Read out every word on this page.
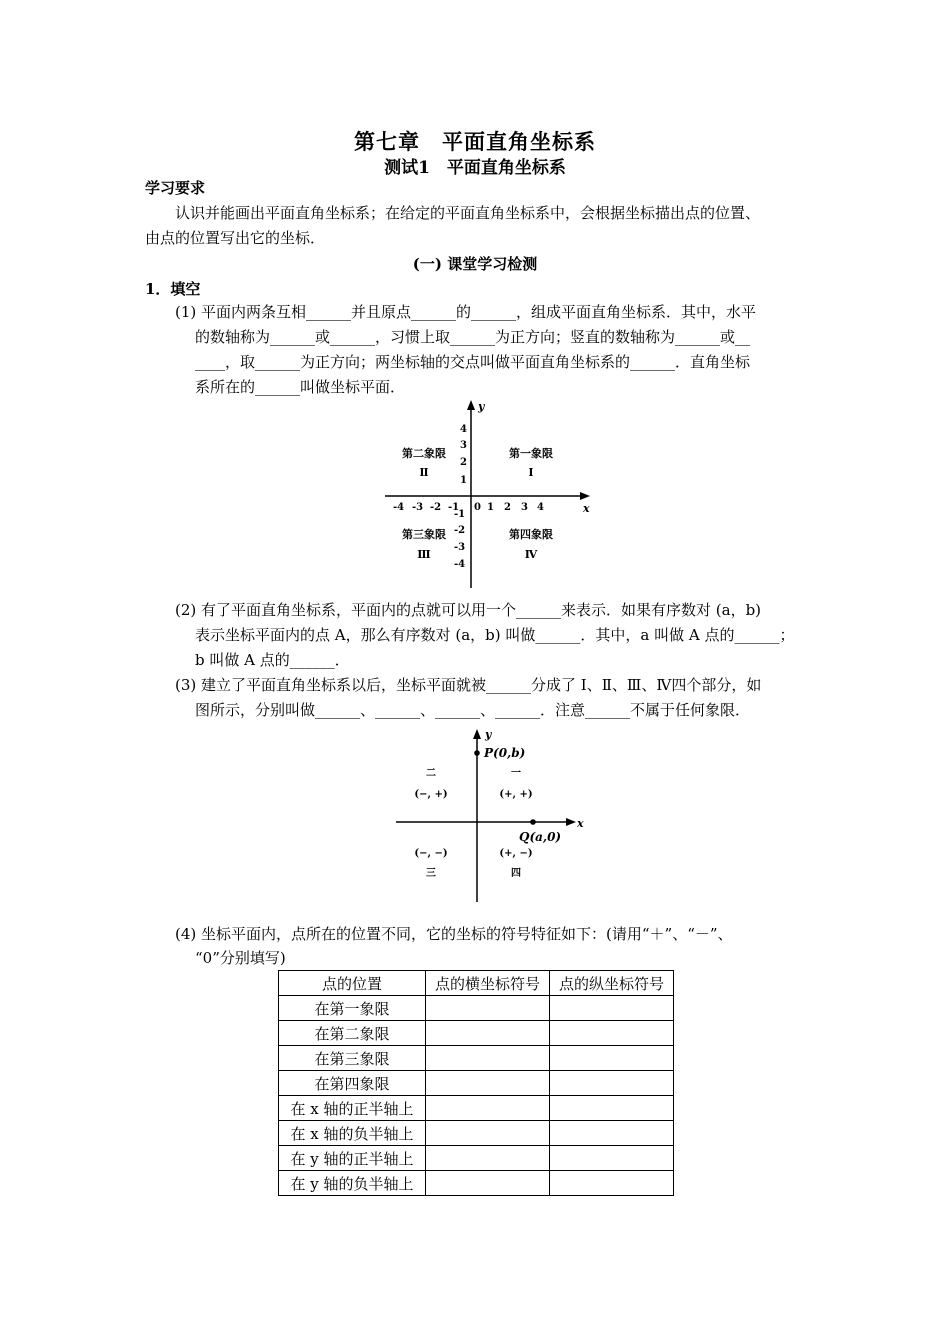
第七章　平面直角坐标系
测试1　平面直角坐标系
学习要求
认识并能画出平面直角坐标系；在给定的平面直角坐标系中，会根据坐标描出点的位置、
由点的位置写出它的坐标．
(一) 课堂学习检测
1．填空
(1) 平面内两条互相______并且原点______的______，组成平面直角坐标系．其中，水平
的数轴称为______或______，习惯上取______为正方向；竖直的数轴称为______或__
____，取______为正方向；两坐标轴的交点叫做平面直角坐标系的______．直角坐标
系所在的______叫做坐标平面．
x
y
-4 -3 -2 -1 0 1 2 3 4
4
3
2
1
-1
-2
-3
-4
第二象限
Ⅱ
第一象限
Ⅰ
第三象限
Ⅲ
第四象限
Ⅳ
(2) 有了平面直角坐标系，平面内的点就可以用一个______来表示．如果有序数对 (a，b)
表示坐标平面内的点 A，那么有序数对 (a，b) 叫做______．其中，a 叫做 A 点的______；
b 叫做 A 点的______．
(3) 建立了平面直角坐标系以后，坐标平面就被______分成了 Ⅰ、Ⅱ、Ⅲ、Ⅳ四个部分，如
图所示，分别叫做______、______、______、______．注意______不属于任何象限．
x
y
P(0,b)
Q(a,0)
二
(−, +)
一
(+, +)
(−, −)
三
(+, −)
四
(4) 坐标平面内，点所在的位置不同，它的坐标的符号特征如下：(请用“＋”、“－”、
“0”分别填写)
点的位置	点的横坐标符号	点的纵坐标符号
在第一象限		
在第二象限		
在第三象限		
在第四象限		
在 x 轴的正半轴上		
在 x 轴的负半轴上		
在 y 轴的正半轴上		
在 y 轴的负半轴上		
